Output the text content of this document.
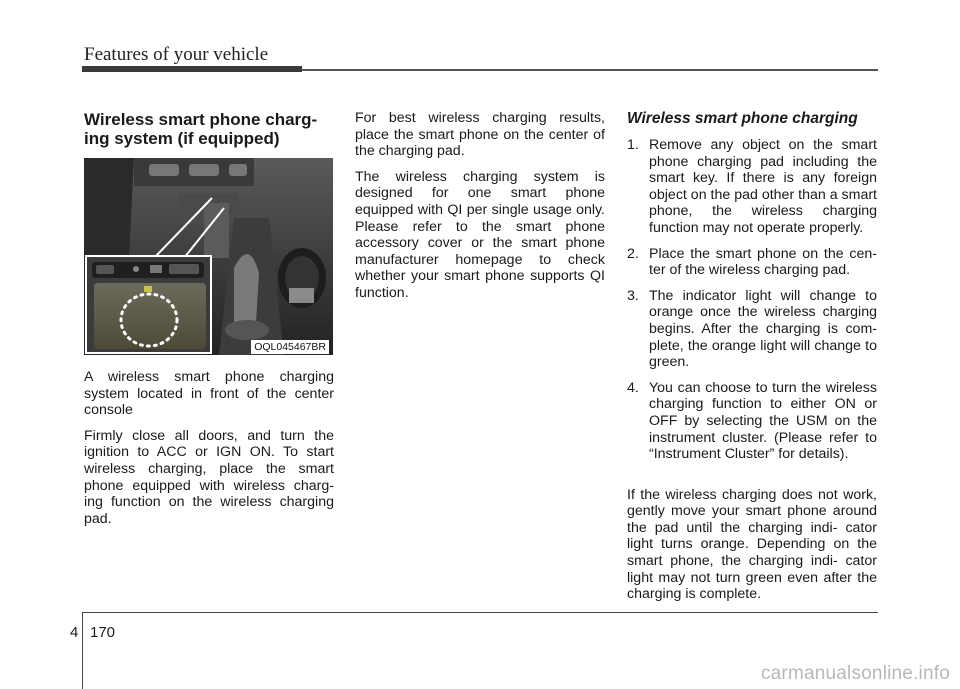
Features of your vehicle
Wireless smart phone charg- ing system (if equipped)
OQL045467BR

A wireless smart phone charging system located in front of the center console

Firmly close all doors, and turn the ignition to ACC or IGN ON. To start wireless charging, place the smart phone equipped with wireless charg- ing function on the wireless charging pad.

For best wireless charging results, place the smart phone on the center of the charging pad.

The wireless charging system is designed for one smart phone equipped with QI per single usage only. Please refer to the smart phone accessory cover or the smart phone manufacturer homepage to check whether your smart phone supports QI function.

Wireless smart phone charging
1. Remove any object on the smart phone charging pad including the smart key. If there is any foreign object on the pad other than a smart phone, the wireless charging function may not operate properly.
2. Place the smart phone on the cen- ter of the wireless charging pad.
3. The indicator light will change to orange once the wireless charging begins. After the charging is com- plete, the orange light will change to green.
4. You can choose to turn the wireless charging function to either ON or OFF by selecting the USM on the instrument cluster. (Please refer to “Instrument Cluster” for details).

If the wireless charging does not work, gently move your smart phone around the pad until the charging indi- cator light turns orange. Depending on the smart phone, the charging indi- cator light may not turn green even after the charging is complete.

4 170
carmanualsonline.info
